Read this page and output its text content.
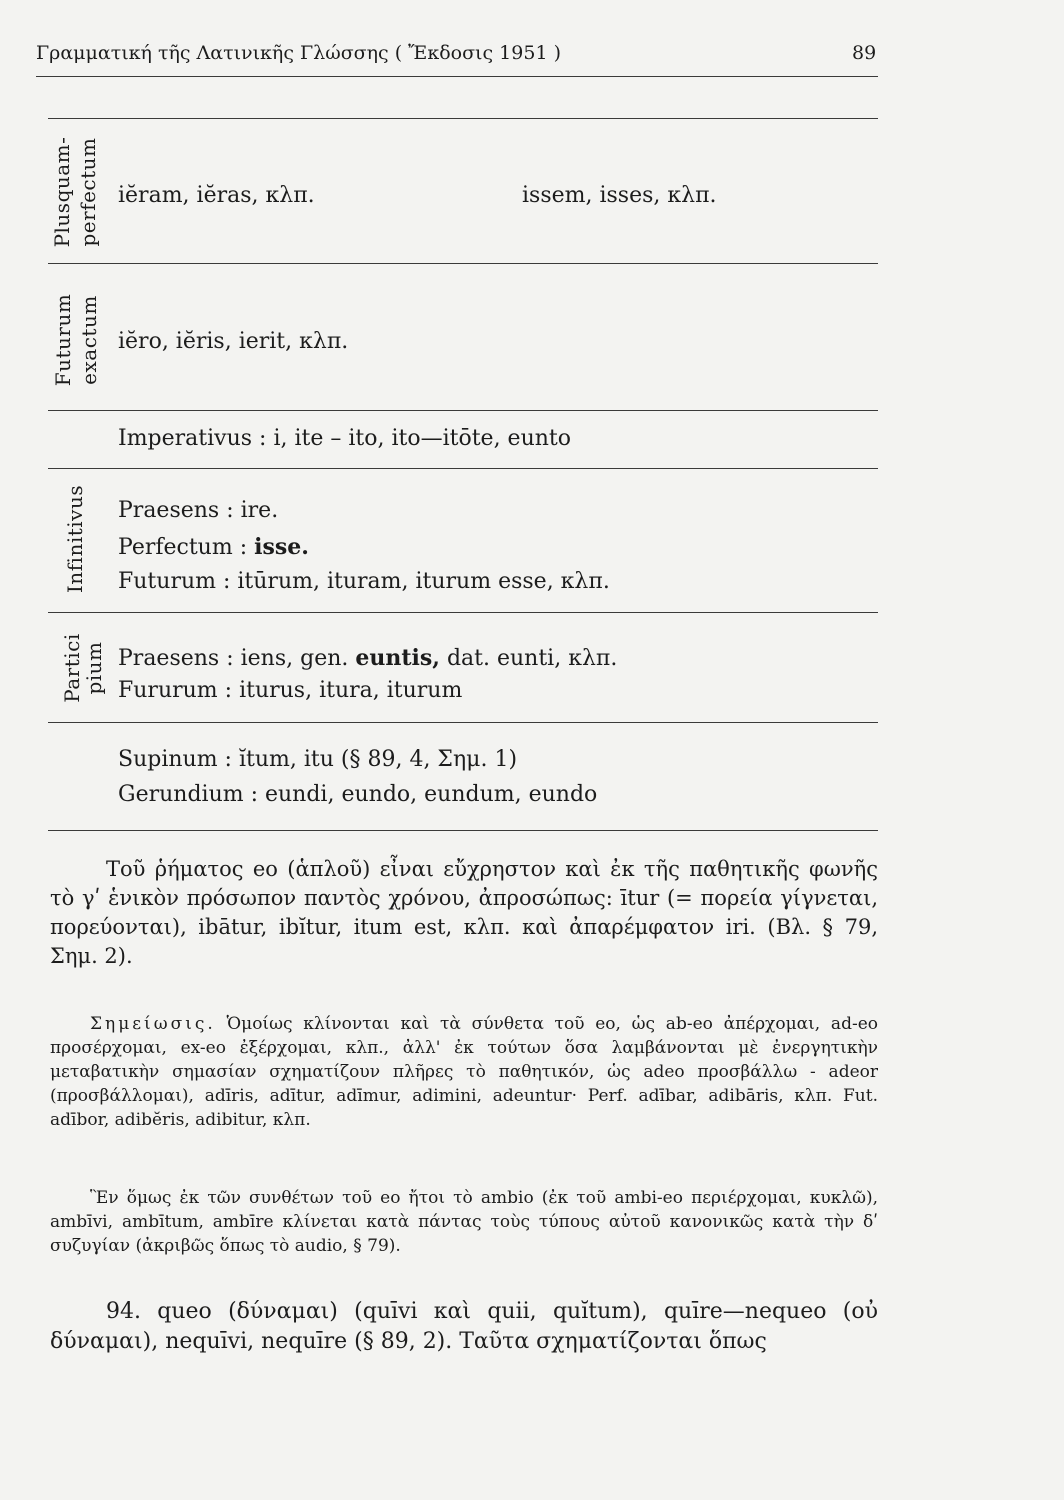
Γραμματική τῆς Λατινικῆς Γλώσσης ( Ἔκδοσις 1951 )	89
Plusquam- perfectum iĕram, iĕras, κλπ.	issem, isses, κλπ.
Futurum exactum iĕro, iĕris, ierit, κλπ.
Imperativus : i, ite – ito, ito—itōte, eunto
Infinitivus Praesens : ire.
Perfectum : isse.
Futurum : itūrum, ituram, iturum esse, κλπ.
Partici
pium Praesens : iens, gen. euntis, dat. eunti, κλπ.
Fururum : iturus, itura, iturum
Supinum : ĭtum, itu (§ 89, 4, Σημ. 1)
Gerundium : eundi, eundo, eundum, eundo
Τοῦ ῥήματος eo (ἁπλοῦ) εἶναι εὔχρηστον καὶ ἐκ τῆς παθητικῆς φωνῆς τὸ γʹ ἑνικὸν πρόσωπον παντὸς χρόνου, ἀπροσώπως: ītur (= πορεία γίγνεται, πορεύονται), ibātur, ibĭtur, itum est, κλπ. καὶ ἀπαρέμφατον iri. (Βλ. § 79, Σημ. 2).
Σημείωσις. Ὁμοίως κλίνονται καὶ τὰ σύνθετα τοῦ eo, ὡς ab-eo ἀπέρχομαι, ad-eo προσέρχομαι, ex-eo ἐξέρχομαι, κλπ., ἀλλ' ἐκ τούτων ὅσα λαμβάνονται μὲ ἐνεργητικὴν μεταβατικὴν σημασίαν σχηματίζουν πλῆρες τὸ παθητικόν, ὡς adeo προσβάλλω - adeor (προσβάλλομαι), adīris, adītur, adīmur, adimini, adeuntur· Perf. adībar, adibāris, κλπ. Fut. adībor, adibĕris, adibitur, κλπ.
Ἓν ὅμως ἐκ τῶν συνθέτων τοῦ eo ἤτοι τὸ ambio (ἐκ τοῦ ambi-eo περιέρχομαι, κυκλῶ), ambīvi, ambītum, ambīre κλίνεται κατὰ πάντας τοὺς τύπους αὐτοῦ κανονικῶς κατὰ τὴν δʹ συζυγίαν (ἀκριβῶς ὅπως τὸ audio, § 79).
94. queo (δύναμαι) (quīvi καὶ quii, quĭtum), quīre—nequeo (οὐ δύναμαι), nequīvi, nequīre (§ 89, 2). Ταῦτα σχηματίζονται ὅπως
